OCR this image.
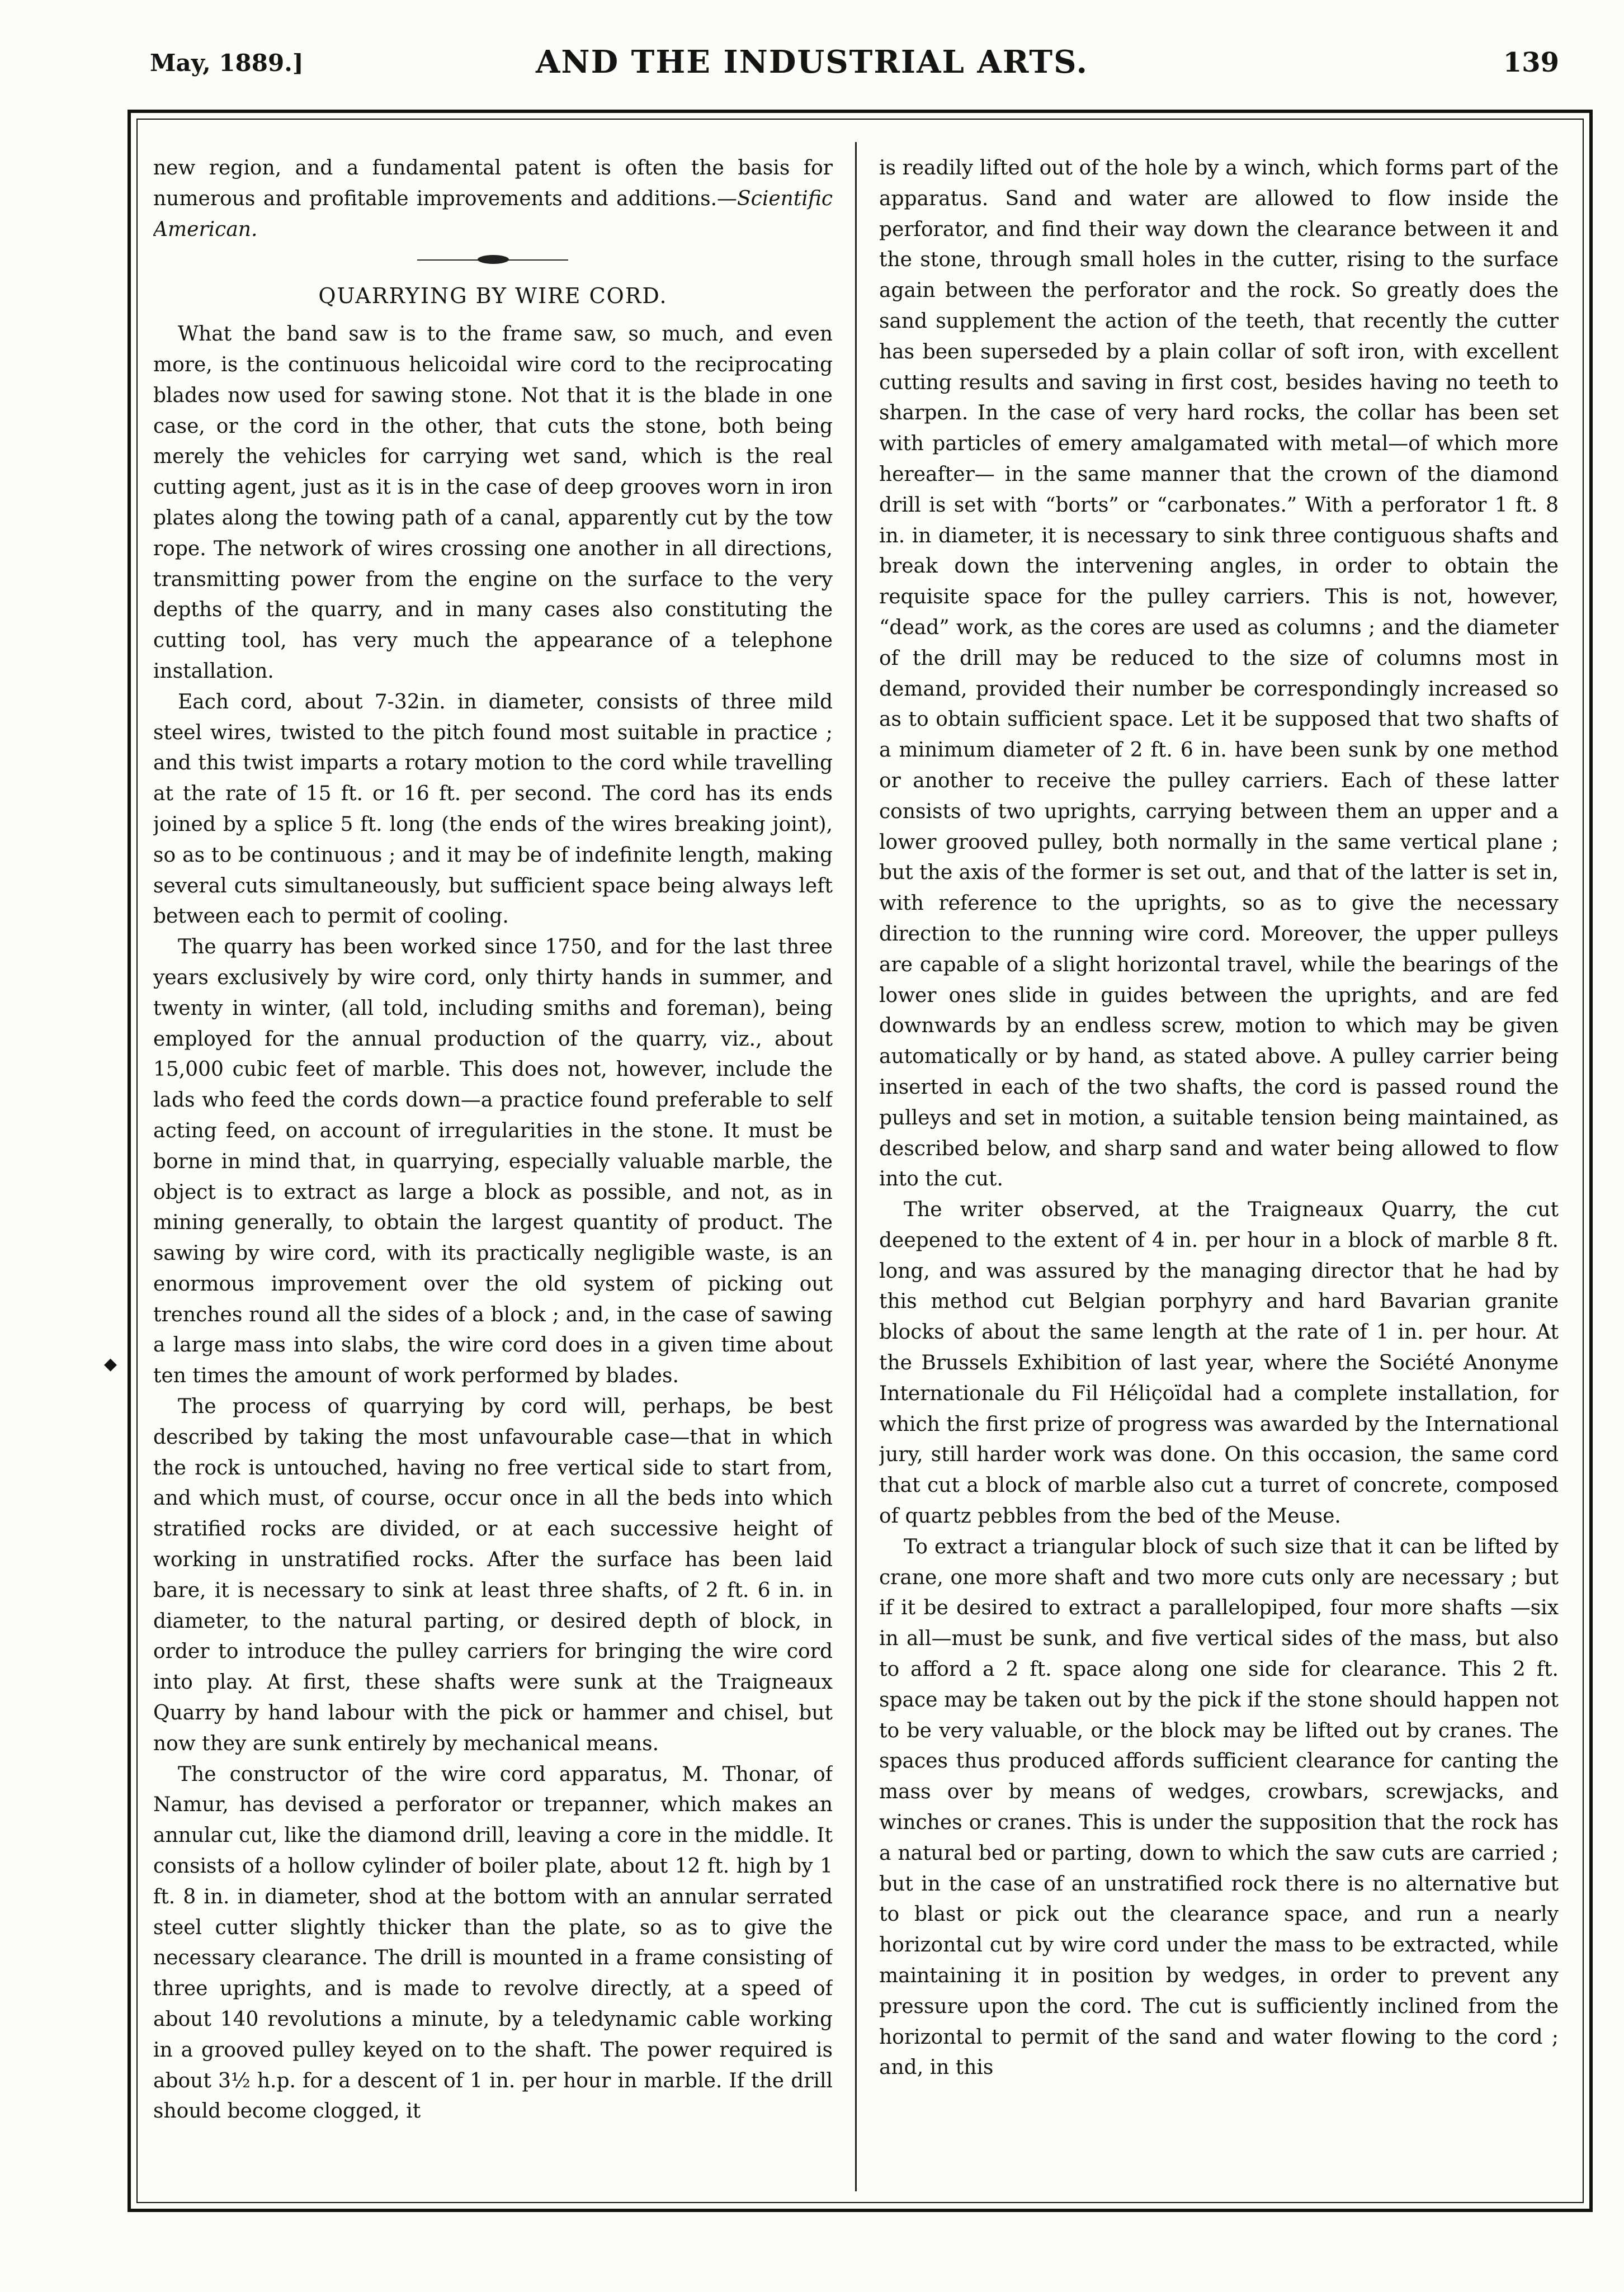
May, 1889.]	AND THE INDUSTRIAL ARTS.	139
◆

new region, and a fundamental patent is often the basis for numerous and profitable improvements and additions.—Scientific American.

QUARRYING BY WIRE CORD.

What the band saw is to the frame saw, so much, and even more, is the continuous helicoidal wire cord to the reciprocating blades now used for sawing stone. Not that it is the blade in one case, or the cord in the other, that cuts the stone, both being merely the vehicles for carrying wet sand, which is the real cutting agent, just as it is in the case of deep grooves worn in iron plates along the towing path of a canal, apparently cut by the tow rope. The network of wires crossing one another in all directions, transmitting power from the engine on the surface to the very depths of the quarry, and in many cases also constituting the cutting tool, has very much the appearance of a telephone installation.

Each cord, about 7-32in. in diameter, consists of three mild steel wires, twisted to the pitch found most suitable in practice ; and this twist imparts a rotary motion to the cord while travelling at the rate of 15 ft. or 16 ft. per second. The cord has its ends joined by a splice 5 ft. long (the ends of the wires breaking joint), so as to be continuous ; and it may be of indefinite length, making several cuts simultaneously, but sufficient space being always left between each to permit of cooling.

The quarry has been worked since 1750, and for the last three years exclusively by wire cord, only thirty hands in summer, and twenty in winter, (all told, including smiths and foreman), being employed for the annual production of the quarry, viz., about 15,000 cubic feet of marble. This does not, however, include the lads who feed the cords down—a practice found preferable to self acting feed, on account of irregularities in the stone. It must be borne in mind that, in quarrying, especially valuable marble, the object is to extract as large a block as possible, and not, as in mining generally, to obtain the largest quantity of product. The sawing by wire cord, with its practically negligible waste, is an enormous improvement over the old system of picking out trenches round all the sides of a block ; and, in the case of sawing a large mass into slabs, the wire cord does in a given time about ten times the amount of work performed by blades.

The process of quarrying by cord will, perhaps, be best described by taking the most unfavourable case—that in which the rock is untouched, having no free vertical side to start from, and which must, of course, occur once in all the beds into which stratified rocks are divided, or at each successive height of working in unstratified rocks. After the surface has been laid bare, it is necessary to sink at least three shafts, of 2 ft. 6 in. in diameter, to the natural parting, or desired depth of block, in order to introduce the pulley carriers for bringing the wire cord into play. At first, these shafts were sunk at the Traigneaux Quarry by hand labour with the pick or hammer and chisel, but now they are sunk entirely by mechanical means.

The constructor of the wire cord apparatus, M. Thonar, of Namur, has devised a perforator or trepanner, which makes an annular cut, like the diamond drill, leaving a core in the middle. It consists of a hollow cylinder of boiler plate, about 12 ft. high by 1 ft. 8 in. in diameter, shod at the bottom with an annular serrated steel cutter slightly thicker than the plate, so as to give the necessary clearance. The drill is mounted in a frame consisting of three uprights, and is made to revolve directly, at a speed of about 140 revolutions a minute, by a teledynamic cable working in a grooved pulley keyed on to the shaft. The power required is about 3½ h.p. for a descent of 1 in. per hour in marble. If the drill should become clogged, it

is readily lifted out of the hole by a winch, which forms part of the apparatus. Sand and water are allowed to flow inside the perforator, and find their way down the clearance between it and the stone, through small holes in the cutter, rising to the surface again between the perforator and the rock. So greatly does the sand supplement the action of the teeth, that recently the cutter has been superseded by a plain collar of soft iron, with excellent cutting results and saving in first cost, besides having no teeth to sharpen. In the case of very hard rocks, the collar has been set with particles of emery amalgamated with metal—of which more hereafter— in the same manner that the crown of the diamond drill is set with “borts” or “carbonates.” With a perforator 1 ft. 8 in. in diameter, it is necessary to sink three contiguous shafts and break down the intervening angles, in order to obtain the requisite space for the pulley carriers. This is not, however, “dead” work, as the cores are used as columns ; and the diameter of the drill may be reduced to the size of columns most in demand, provided their number be correspondingly increased so as to obtain sufficient space. Let it be supposed that two shafts of a minimum diameter of 2 ft. 6 in. have been sunk by one method or another to receive the pulley carriers. Each of these latter consists of two uprights, carrying between them an upper and a lower grooved pulley, both normally in the same vertical plane ; but the axis of the former is set out, and that of the latter is set in, with reference to the uprights, so as to give the necessary direction to the running wire cord. Moreover, the upper pulleys are capable of a slight horizontal travel, while the bearings of the lower ones slide in guides between the uprights, and are fed downwards by an endless screw, motion to which may be given automatically or by hand, as stated above. A pulley carrier being inserted in each of the two shafts, the cord is passed round the pulleys and set in motion, a suitable tension being maintained, as described below, and sharp sand and water being allowed to flow into the cut.

The writer observed, at the Traigneaux Quarry, the cut deepened to the extent of 4 in. per hour in a block of marble 8 ft. long, and was assured by the managing director that he had by this method cut Belgian porphyry and hard Bavarian granite blocks of about the same length at the rate of 1 in. per hour. At the Brussels Exhibition of last year, where the Société Anonyme Internationale du Fil Héliçoïdal had a complete installation, for which the first prize of progress was awarded by the International jury, still harder work was done. On this occasion, the same cord that cut a block of marble also cut a turret of concrete, composed of quartz pebbles from the bed of the Meuse.

To extract a triangular block of such size that it can be lifted by crane, one more shaft and two more cuts only are necessary ; but if it be desired to extract a parallelopiped, four more shafts —six in all—must be sunk, and five vertical sides of the mass, but also to afford a 2 ft. space along one side for clearance. This 2 ft. space may be taken out by the pick if the stone should happen not to be very valuable, or the block may be lifted out by cranes. The spaces thus produced affords sufficient clearance for canting the mass over by means of wedges, crowbars, screwjacks, and winches or cranes. This is under the supposition that the rock has a natural bed or parting, down to which the saw cuts are carried ; but in the case of an unstratified rock there is no alternative but to blast or pick out the clearance space, and run a nearly horizontal cut by wire cord under the mass to be extracted, while maintaining it in position by wedges, in order to prevent any pressure upon the cord. The cut is sufficiently inclined from the horizontal to permit of the sand and water flowing to the cord ; and, in this
